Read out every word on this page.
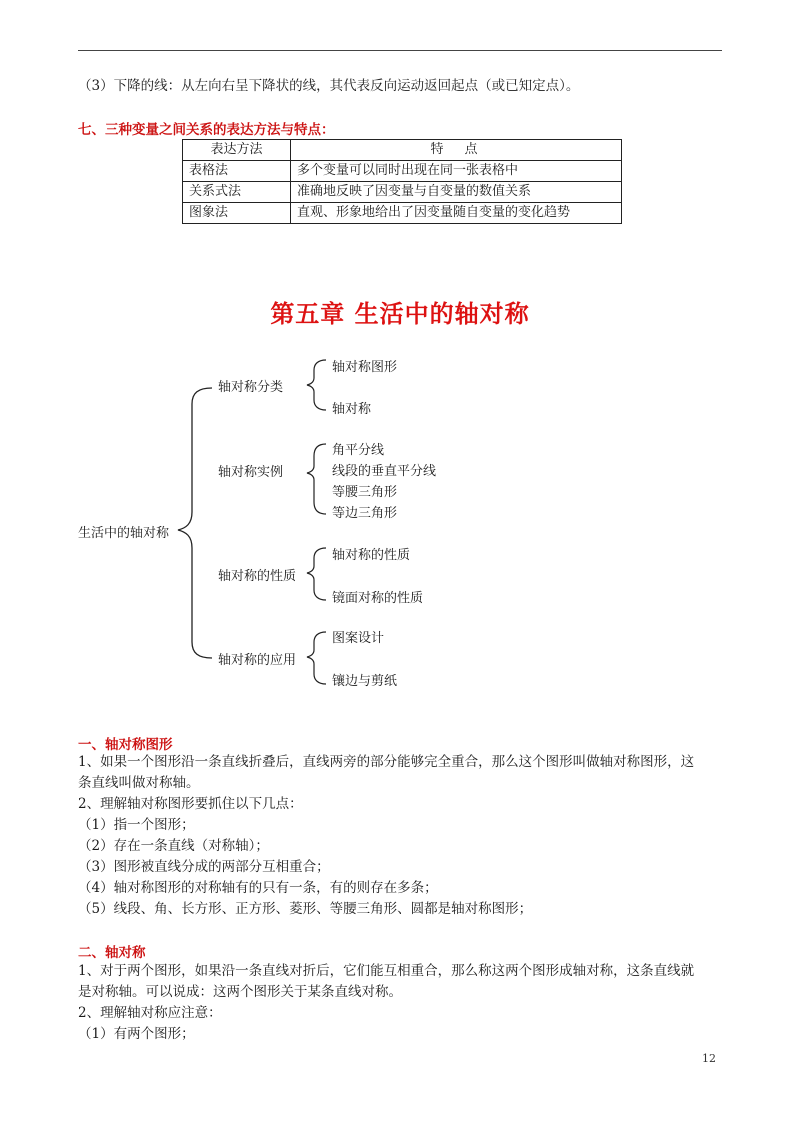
（3）下降的线：从左向右呈下降状的线，其代表反向运动返回起点（或已知定点）。
七、三种变量之间关系的表达方法与特点：
表达方法	特　点
表格法	多个变量可以同时出现在同一张表格中
关系式法	准确地反映了因变量与自变量的数值关系
图象法	直观、形象地给出了因变量随自变量的变化趋势
第五章 生活中的轴对称
生活中的轴对称
轴对称分类
轴对称图形
轴对称
轴对称实例
角平分线
线段的垂直平分线
等腰三角形
等边三角形
轴对称的性质
轴对称的性质
镜面对称的性质
轴对称的应用
图案设计
镶边与剪纸
一、轴对称图形
1、如果一个图形沿一条直线折叠后，直线两旁的部分能够完全重合，那么这个图形叫做轴对称图形，这
条直线叫做对称轴。
2、理解轴对称图形要抓住以下几点：
（1）指一个图形；
（2）存在一条直线（对称轴）；
（3）图形被直线分成的两部分互相重合；
（4）轴对称图形的对称轴有的只有一条，有的则存在多条；
（5）线段、角、长方形、正方形、菱形、等腰三角形、圆都是轴对称图形；
二、轴对称
1、对于两个图形，如果沿一条直线对折后，它们能互相重合，那么称这两个图形成轴对称，这条直线就
是对称轴。可以说成：这两个图形关于某条直线对称。
2、理解轴对称应注意：
（1）有两个图形；
12
